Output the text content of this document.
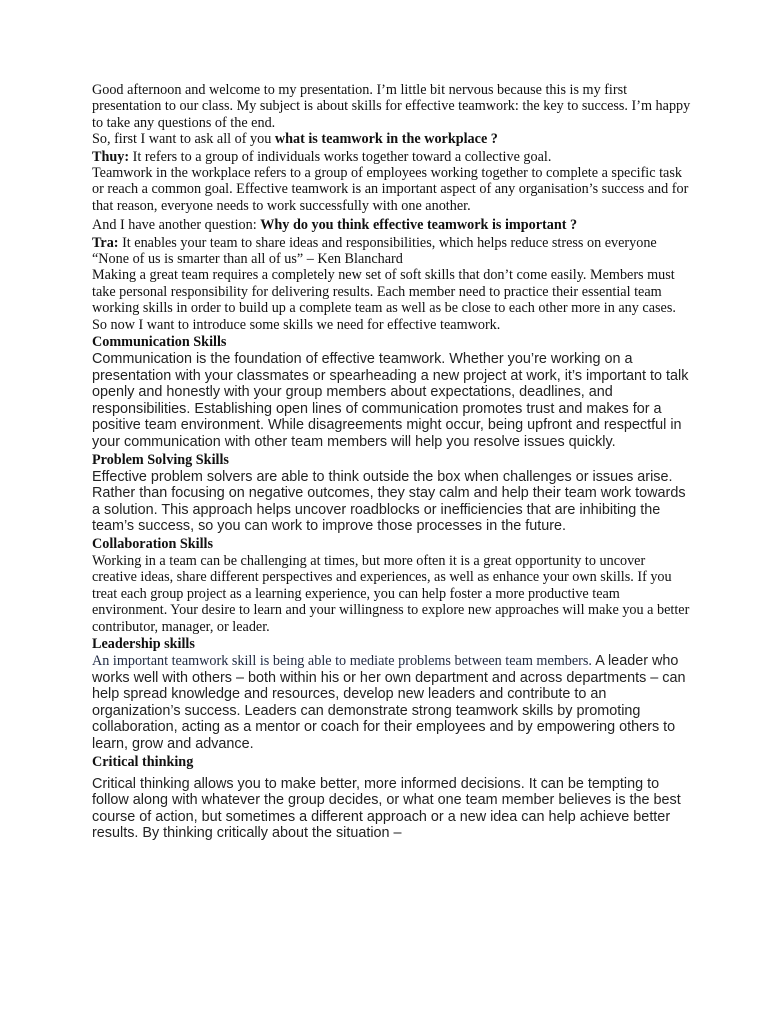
Good afternoon and welcome to my presentation. I’m little bit nervous because this is my first presentation to our class. My subject is about skills for effective teamwork: the key to success. I’m happy to take any questions of the end.

So, first I want to ask all of you what is teamwork in the workplace ?

Thuy: It refers to a group of individuals works together toward a collective goal.

Teamwork in the workplace refers to a group of employees working together to complete a specific task or reach a common goal. Effective teamwork is an important aspect of any organisation’s success and for that reason, everyone needs to work successfully with one another.

And I have another question: Why do you think effective teamwork is important ?

Tra: It enables your team to share ideas and responsibilities, which helps reduce stress on everyone

“None of us is smarter than all of us” – Ken Blanchard

Making a great team requires a completely new set of soft skills that don’t come easily. Members must take personal responsibility for delivering results. Each member need to practice their essential team working skills in order to build up a complete team as well as be close to each other more in any cases.

So now I want to introduce some skills we need for effective teamwork.

Communication Skills

Communication is the foundation of effective teamwork. Whether you’re working on a presentation with your classmates or spearheading a new project at work, it’s important to talk openly and honestly with your group members about expectations, deadlines, and responsibilities. Establishing open lines of communication promotes trust and makes for a positive team environment. While disagreements might occur, being upfront and respectful in your communication with other team members will help you resolve issues quickly.

Problem Solving Skills

Effective problem solvers are able to think outside the box when challenges or issues arise. Rather than focusing on negative outcomes, they stay calm and help their team work towards a solution. This approach helps uncover roadblocks or inefficiencies that are inhibiting the team’s success, so you can work to improve those processes in the future.

Collaboration Skills

Working in a team can be challenging at times, but more often it is a great opportunity to uncover creative ideas, share different perspectives and experiences, as well as enhance your own skills. If you treat each group project as a learning experience, you can help foster a more productive team environment. Your desire to learn and your willingness to explore new approaches will make you a better contributor, manager, or leader.

Leadership skills

An important teamwork skill is being able to mediate problems between team members. A leader who works well with others – both within his or her own department and across departments – can help spread knowledge and resources, develop new leaders and contribute to an organization’s success. Leaders can demonstrate strong teamwork skills by promoting collaboration, acting as a mentor or coach for their employees and by empowering others to learn, grow and advance.

Critical thinking

Critical thinking allows you to make better, more informed decisions. It can be tempting to follow along with whatever the group decides, or what one team member believes is the best course of action, but sometimes a different approach or a new idea can help achieve better results. By thinking critically about the situation –
